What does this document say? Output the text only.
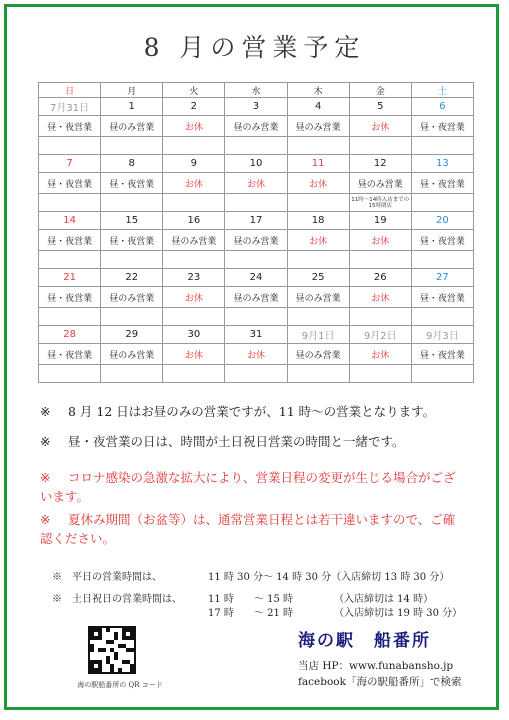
8 月の営業予定
日	月	火	水	木	金	土
7月31日	1	2	3	4	5	6
昼・夜営業	昼のみ営業	お休	昼のみ営業	昼のみ営業	お休	昼・夜営業

7	8	9	10	11	12	13
昼・夜営業	昼・夜営業	お休	お休	お休	昼のみ営業	昼・夜営業
					11時～14時入店までの15時閉店	
14	15	16	17	18	19	20
昼・夜営業	昼・夜営業	昼のみ営業	昼のみ営業	お休	お休	昼・夜営業

21	22	23	24	25	26	27
昼・夜営業	昼のみ営業	お休	昼のみ営業	昼のみ営業	お休	昼・夜営業

28	29	30	31	9月1日	9月2日	9月3日
昼・夜営業	昼のみ営業	お休	お休	昼のみ営業	お休	昼・夜営業

※ 8 月 12 日はお昼のみの営業ですが、11 時～の営業となります。
※ 昼・夜営業の日は、時間が土日祝日営業の時間と一緒です。
※ コロナ感染の急激な拡大により、営業日程の変更が生じる場合がございます。
※ 夏休み期間（お盆等）は、通常営業日程とは若干違いますので、ご確認ください。
※　平日の営業時間は、	11 時 30 分～ 14 時 30 分（入店締切 13 時 30 分）
※　土日祝日の営業時間は、	11 時　　～ 15 時	（入店締切は 14 時）
17 時　　～ 21 時	（入店締切は 19 時 30 分）
海の駅船番所の QR コード
海の駅　船番所
当店 HP：www.funabansho.jp
facebook「海の駅船番所」で検索
